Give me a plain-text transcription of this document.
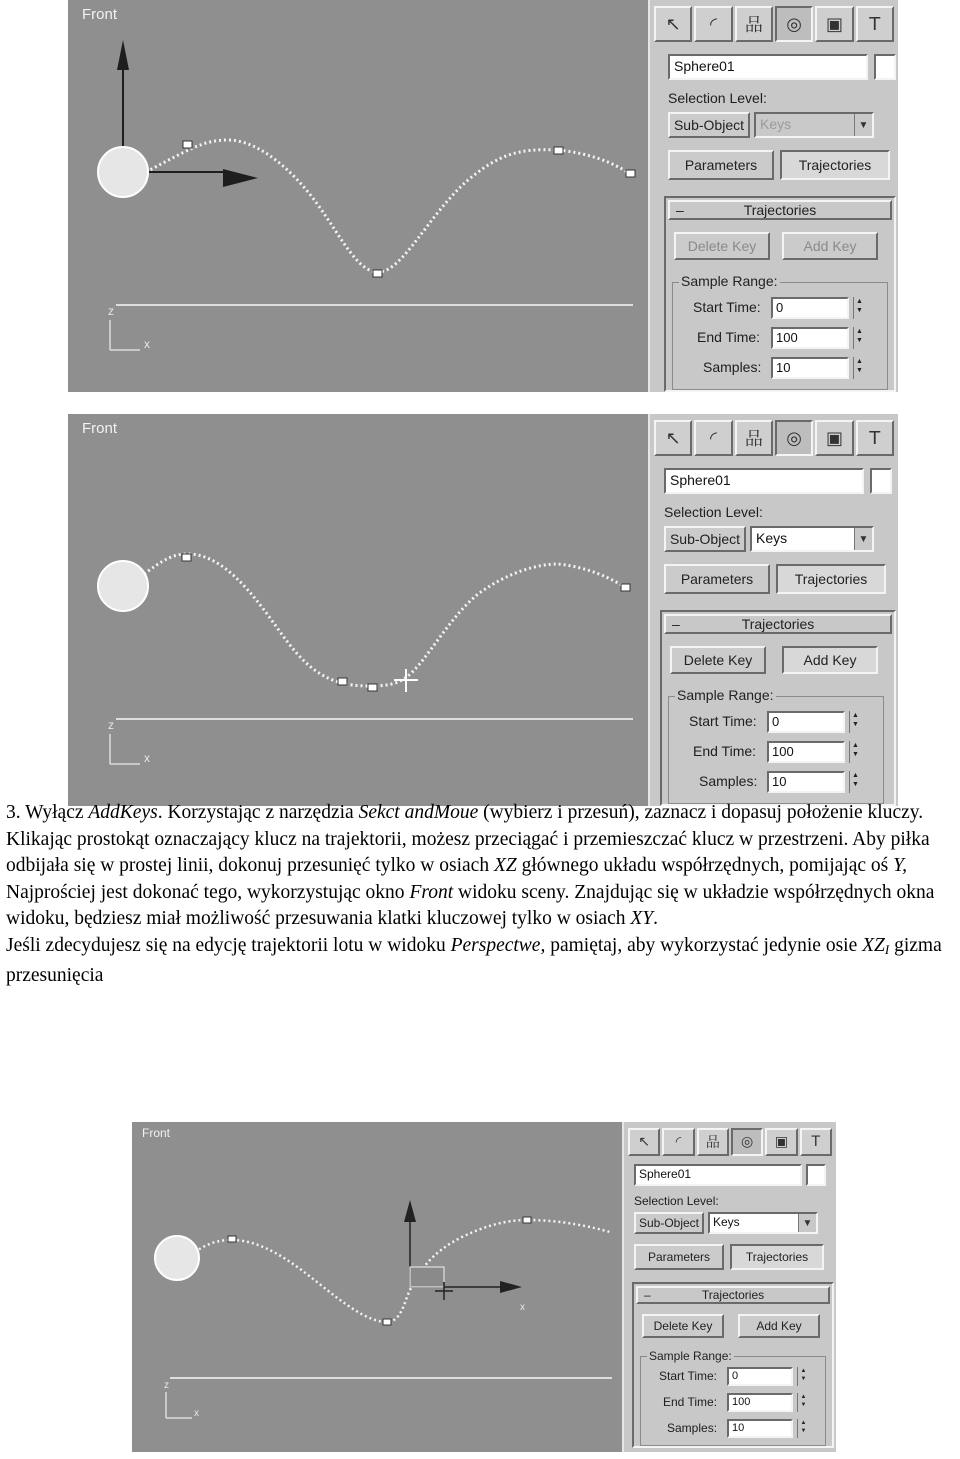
z
x
Front	↖	◜	品	◎	▣	T
Sphere01
Selection Level:
Sub-Object	Keys	▼
Parameters	Trajectories
–	Trajectories
Delete Key	Add Key
Sample Range:
Start Time:	0	▲
▼
End Time:	100	▲
▼
Samples:	10	▲
▼
z
x
Front	↖	◜	品	◎	▣	T
Sphere01
Selection Level:
Sub-Object	Keys	▼
Parameters	Trajectories
–	Trajectories
Delete Key	Add Key
Sample Range:
Start Time:	0	▲
▼
End Time:	100	▲
▼
Samples:	10	▲
▼

3. Wyłącz AddKeys. Korzystając z narzędzia Sekct andMoue (wybierz i przesuń), zaznacz i dopasuj położenie kluczy. Klikając prostokąt oznaczający klucz na trajektorii, możesz przeciągać i przemieszczać klucz w przestrzeni. Aby piłka odbijała się w prostej linii, dokonuj przesunięć tylko w osiach XZ głównego układu współrzędnych, pomijając oś Y, Najprościej jest dokonać tego, wykorzystując okno Front widoku sceny. Znajdując się w układzie współrzędnych okna widoku, będziesz miał możliwość przesuwania klatki kluczowej tylko w osiach XY.

Jeśli zdecydujesz się na edycję trajektorii lotu w widoku Perspectwe, pamiętaj, aby wykorzystać jedynie osie $XZ_I$ gizma przesunięcia

x
z
x
Front
↖	◜	品	◎	▣	T
Sphere01
Selection Level:
Sub-Object	Keys	▼
Parameters	Trajectories
–	Trajectories
Delete Key	Add Key
Sample Range:
Start Time:	0	▲
▼
End Time:	100	▲
▼
Samples:	10	▲
▼
